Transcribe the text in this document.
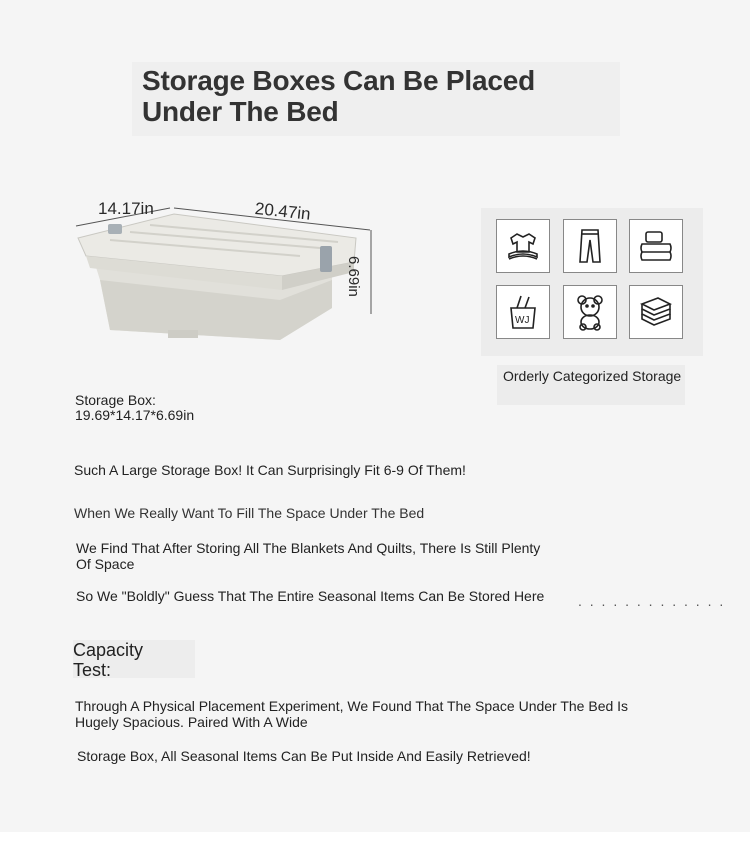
Storage Boxes Can Be Placed Under The Bed
14.17in	20.47in
6.69in
WJ
Orderly Categorized Storage
Storage Box:
19.69*14.17*6.69in
Such A Large Storage Box! It Can Surprisingly Fit 6-9 Of Them!
When We Really Want To Fill The Space Under The Bed
We Find That After Storing All The Blankets And Quilts, There Is Still Plenty Of Space
So We "Boldly" Guess That The Entire Seasonal Items Can Be Stored Here . . . . . . . . . . . . .
Capacity Test:
Through A Physical Placement Experiment, We Found That The Space Under The Bed Is Hugely Spacious. Paired With A Wide
Storage Box, All Seasonal Items Can Be Put Inside And Easily Retrieved!
